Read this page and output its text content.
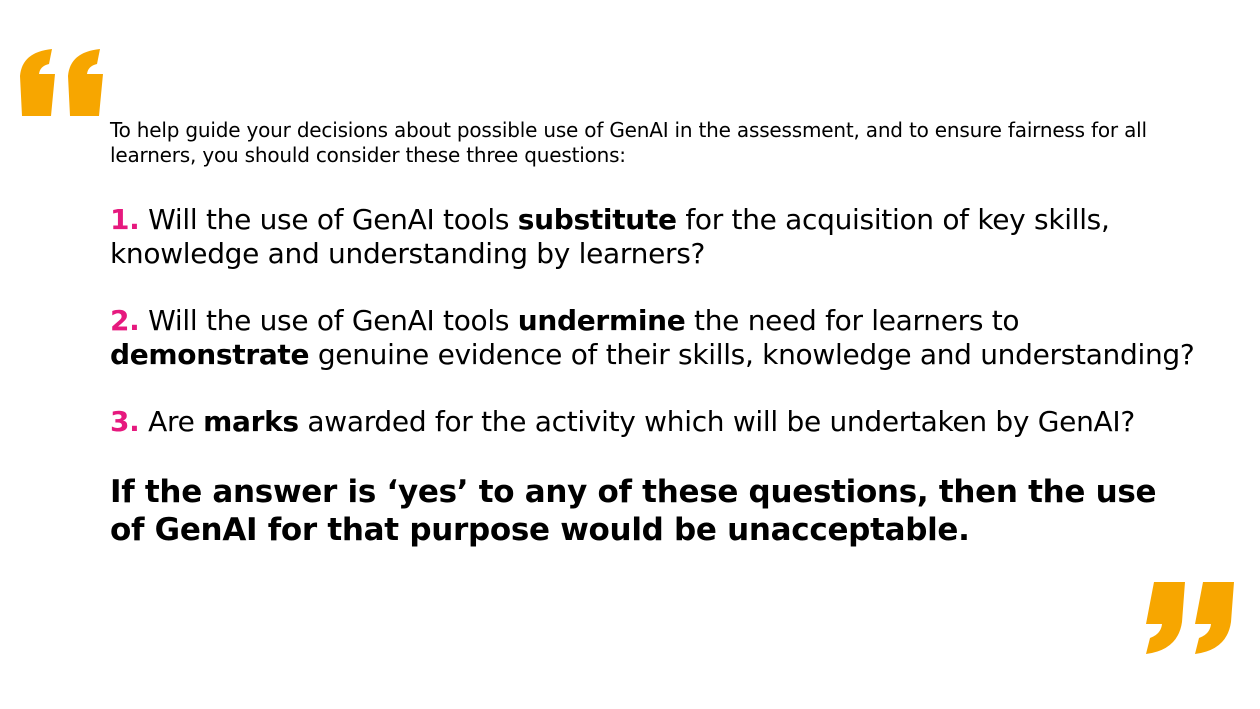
To help guide your decisions about possible use of GenAI in the assessment, and to ensure fairness for all learners, you should consider these three questions:

1. Will the use of GenAI tools substitute for the acquisition of key skills, knowledge and understanding by learners?

2. Will the use of GenAI tools undermine the need for learners to
demonstrate genuine evidence of their skills, knowledge and understanding?

3. Are marks awarded for the activity which will be undertaken by GenAI?

If the answer is ‘yes’ to any of these questions, then the use of GenAI for that purpose would be unacceptable.
